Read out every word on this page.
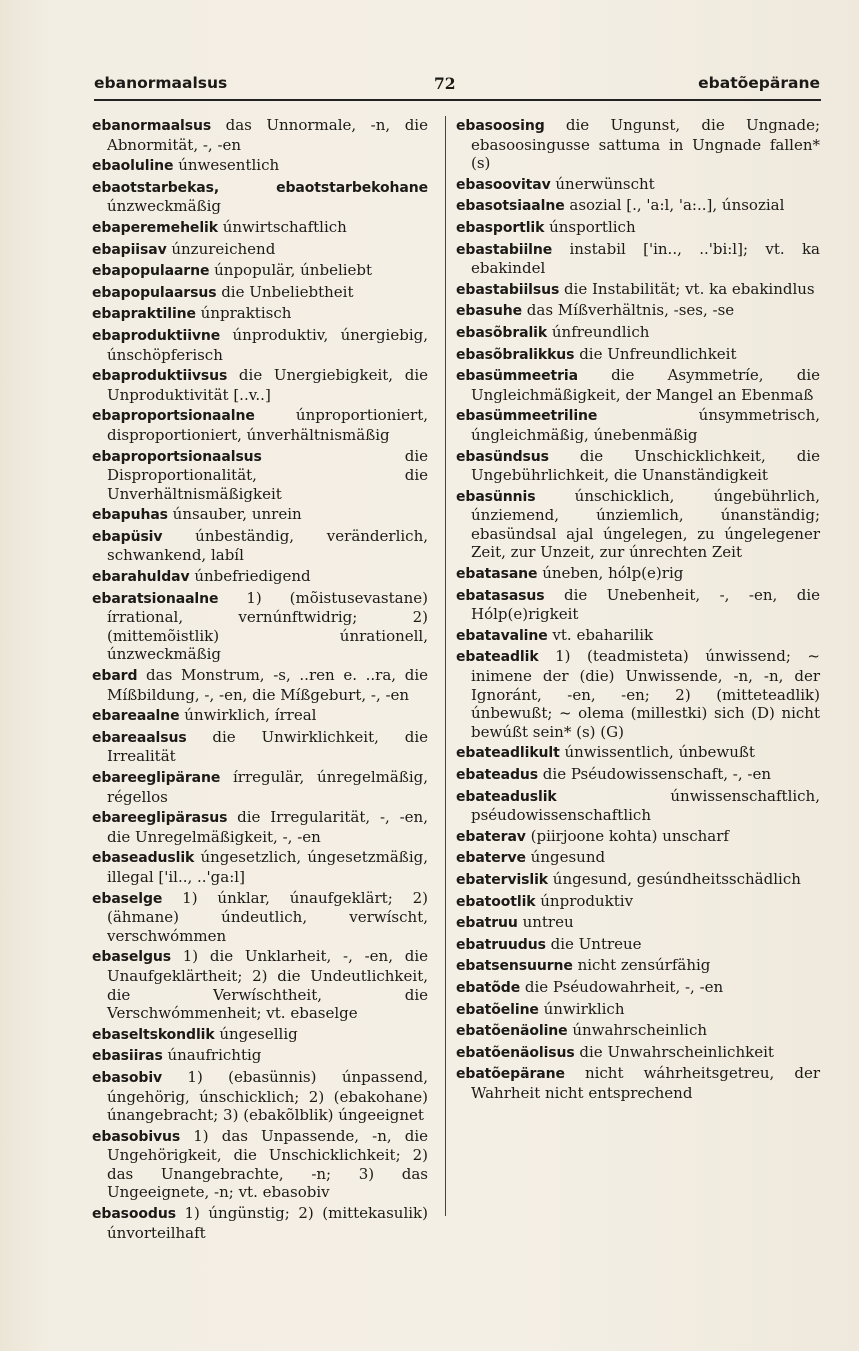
ebanormaalsus	72	ebatõepärane
ebanormaalsus das Unnormale, -n, die Abnormität, -, -en
ebaoluline únwesentlich
ebaotstarbekas, ebaotstarbekohane únzweckmäßig
ebaperemehelik únwirtschaftlich
ebapiisav únzureichend
ebapopulaarne únpopulär, únbeliebt
ebapopulaarsus die Unbeliebtheit
ebapraktiline únpraktisch
ebaproduktiivne únproduktiv, únergiebig, únschöpferisch
ebaproduktiivsus die Unergiebigkeit, die Unproduktivität [..v..]
ebaproportsionaalne únproportioniert, disproportioniert, únverhältnismäßig
ebaproportsionaalsus die Disproportionalität, die Unverhältnismäßigkeit
ebapuhas únsauber, unrein
ebapüsiv únbeständig, veränderlich, schwankend, labíl
ebarahuldav únbefriedigend
ebaratsionaalne 1) (mõistusevastane) írrational, vernúnftwidrig; 2) (mittemõistlik) únrationell, únzweckmäßig
ebard das Monstrum, -s, ..ren e. ..ra, die Míßbildung, -, -en, die Míßgeburt, -, -en
ebareaalne únwirklich, írreal
ebareaalsus die Unwirklichkeit, die Irrealität
ebareeglipärane írregulär, únregelmäßig, régellos
ebareeglipärasus die Irregularität, -, -en, die Unregelmäßigkeit, -, -en
ebaseaduslik úngesetzlich, úngesetzmäßig, illegal ['il.., ..'ga:l]
ebaselge 1) únklar, únaufgeklärt; 2) (ähmane) úndeutlich, verwíscht, verschwómmen
ebaselgus 1) die Unklarheit, -, -en, die Unaufgeklärtheit; 2) die Undeutlichkeit, die Verwíschtheit, die Verschwómmenheit; vt. ebaselge
ebaseltskondlik úngesellig
ebasiiras únaufrichtig
ebasobiv 1) (ebasünnis) únpassend, úngehörig, únschicklich; 2) (ebakohane) únangebracht; 3) (ebakõlblik) úngeeignet
ebasobivus 1) das Unpassende, -n, die Ungehörigkeit, die Unschicklichkeit; 2) das Unangebrachte, -n; 3) das Ungeeignete, -n; vt. ebasobiv
ebasoodus 1) úngünstig; 2) (mittekasulik) únvorteilhaft
ebasoosing die Ungunst, die Ungnade; ebasoosingusse sattuma in Ungnade fallen* (s)
ebasoovitav únerwünscht
ebasotsiaalne asozial [., 'a:l, 'a:..], únsozial
ebasportlik únsportlich
ebastabiilne instabil ['in.., ..'bi:l]; vt. ka ebakindel
ebastabiilsus die Instabilität; vt. ka ebakindlus
ebasuhe das Míßverhältnis, -ses, -se
ebasõbralik únfreundlich
ebasõbralikkus die Unfreundlichkeit
ebasümmeetria die Asymmetríe, die Ungleichmäßigkeit, der Mangel an Ebenmaß
ebasümmeetriline únsymmetrisch, úngleichmäßig, únebenmäßig
ebasündsus die Unschicklichkeit, die Ungebührlichkeit, die Unanständigkeit
ebasünnis únschicklich, úngebührlich, únziemend, únziemlich, únanständig; ebasündsal ajal úngelegen, zu úngelegener Zeit, zur Unzeit, zur únrechten Zeit
ebatasane úneben, hólp(e)rig
ebatasasus die Unebenheit, -, -en, die Hólp(e)rigkeit
ebatavaline vt. ebaharilik
ebateadlik 1) (teadmisteta) únwissend; ~ inimene der (die) Unwissende, -n, -n, der Ignoránt, -en, -en; 2) (mitteteadlik) únbewußt; ~ olema (millestki) sich (D) nicht bewúßt sein* (s) (G)
ebateadlikult únwissentlich, únbewußt
ebateadus die Pséudowissenschaft, -, -en
ebateaduslik únwissenschaftlich, pséudowissenschaftlich
ebaterav (piirjoone kohta) unscharf
ebaterve úngesund
ebatervislik úngesund, gesúndheitsschädlich
ebatootlik únproduktiv
ebatruu untreu
ebatruudus die Untreue
ebatsensuurne nicht zensúrfähig
ebatõde die Pséudowahrheit, -, -en
ebatõeline únwirklich
ebatõenäoline únwahrscheinlich
ebatõenäolisus die Unwahrscheinlichkeit
ebatõepärane nicht wáhrheitsgetreu, der Wahrheit nicht entsprechend
